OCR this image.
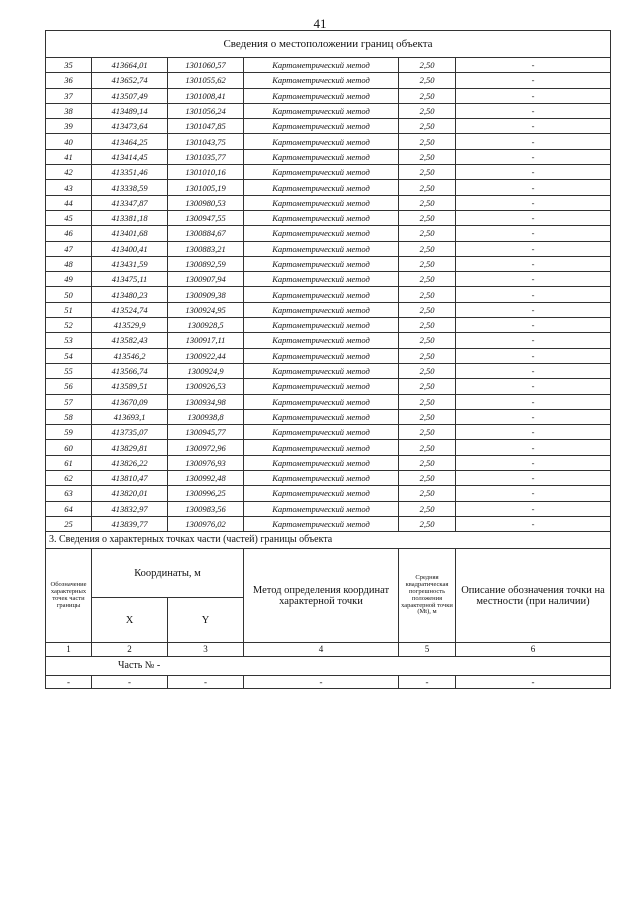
41
Сведения о местоположении границ объекта					
35	413664,01	1301060,57	Картометрический метод	2,50	-
36	413652,74	1301055,62	Картометрический метод	2,50	-
37	413507,49	1301008,41	Картометрический метод	2,50	-
38	413489,14	1301056,24	Картометрический метод	2,50	-
39	413473,64	1301047,85	Картометрический метод	2,50	-
40	413464,25	1301043,75	Картометрический метод	2,50	-
41	413414,45	1301035,77	Картометрический метод	2,50	-
42	413351,46	1301010,16	Картометрический метод	2,50	-
43	413338,59	1301005,19	Картометрический метод	2,50	-
44	413347,87	1300980,53	Картометрический метод	2,50	-
45	413381,18	1300947,55	Картометрический метод	2,50	-
46	413401,68	1300884,67	Картометрический метод	2,50	-
47	413400,41	1300883,21	Картометрический метод	2,50	-
48	413431,59	1300892,59	Картометрический метод	2,50	-
49	413475,11	1300907,94	Картометрический метод	2,50	-
50	413480,23	1300909,38	Картометрический метод	2,50	-
51	413524,74	1300924,95	Картометрический метод	2,50	-
52	413529,9	1300928,5	Картометрический метод	2,50	-
53	413582,43	1300917,11	Картометрический метод	2,50	-
54	413546,2	1300922,44	Картометрический метод	2,50	-
55	413566,74	1300924,9	Картометрический метод	2,50	-
56	413589,51	1300926,53	Картометрический метод	2,50	-
57	413670,09	1300934,98	Картометрический метод	2,50	-
58	413693,1	1300938,8	Картометрический метод	2,50	-
59	413735,07	1300945,77	Картометрический метод	2,50	-
60	413829,81	1300972,96	Картометрический метод	2,50	-
61	413826,22	1300976,93	Картометрический метод	2,50	-
62	413810,47	1300992,48	Картометрический метод	2,50	-
63	413820,01	1300996,25	Картометрический метод	2,50	-
64	413832,97	1300983,56	Картометрический метод	2,50	-
25	413839,77	1300976,02	Картометрический метод	2,50	-
3. Сведения о характерных точках части (частей) границы объекта					
Обозначение характерных точек части границы	Координаты, м		Метод определения координат характерной точки	Средняя квадратическая погрешность положения характерной точки (Mt), м	Описание обозначения точки на местности (при наличии)
	X	Y			
1	2	3	4	5	6
Часть № -					
-	-	-	-	-	-
